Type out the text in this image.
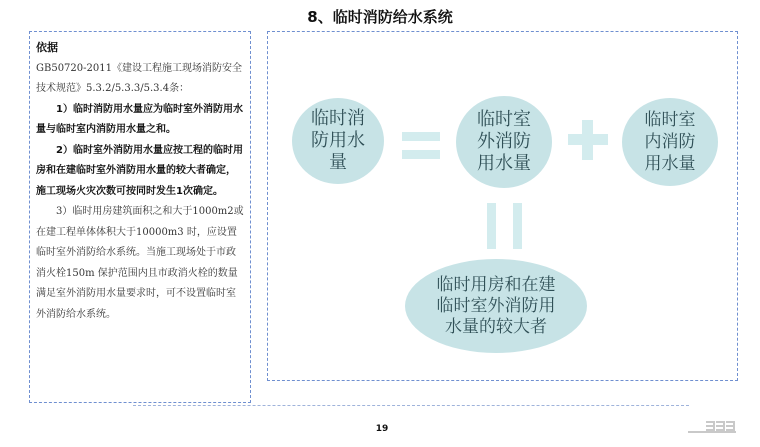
8、临时消防给水系统

依据

GB50720-2011《建设工程施工现场消防安全技术规范》5.3.2/5.3.3/5.3.4条：

1）临时消防用水量应为临时室外消防用水量与临时室内消防用水量之和。

2）临时室外消防用水量应按工程的临时用房和在建临时室外消防用水量的较大者确定，施工现场火灾次数可按同时发生1次确定。

3）临时用房建筑面积之和大于1000m2或在建工程单体体积大于10000m3 时，应设置临时室外消防给水系统。当施工现场处于市政消火栓150m 保护范围内且市政消火栓的数量满足室外消防用水量要求时，可不设置临时室外消防给水系统。

临时消防用水量
临时室外消防用水量
临时室内消防用水量
临时用房和在建临时室外消防用水量的较大者
19
